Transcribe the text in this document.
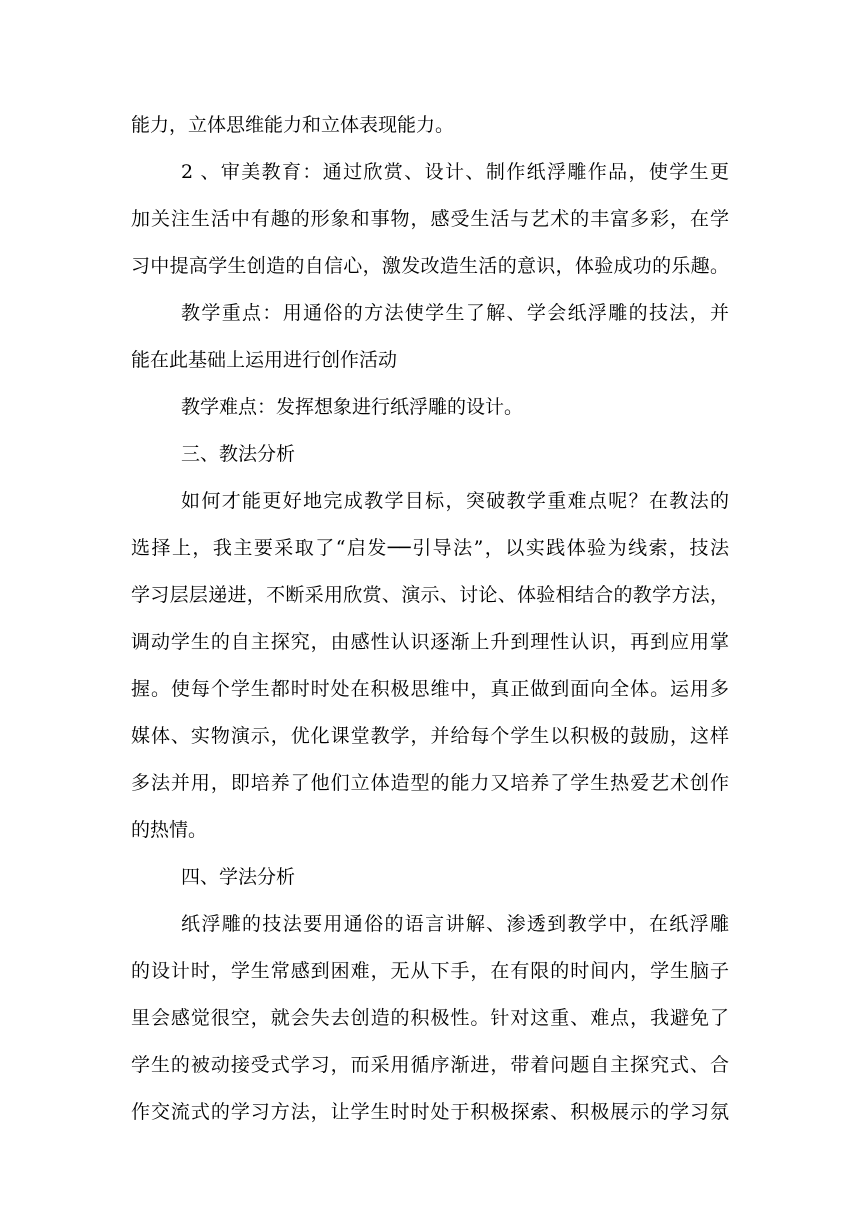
能力，立体思维能力和立体表现能力。
2 、审美教育：通过欣赏、设计、制作纸浮雕作品，使学生更
加关注生活中有趣的形象和事物，感受生活与艺术的丰富多彩，在学
习中提高学生创造的自信心，激发改造生活的意识，体验成功的乐趣。
教学重点：用通俗的方法使学生了解、学会纸浮雕的技法，并
能在此基础上运用进行创作活动
教学难点：发挥想象进行纸浮雕的设计。
三、教法分析
如何才能更好地完成教学目标，突破教学重难点呢？在教法的
选择上，我主要采取了“启发──引导法”，以实践体验为线索，技法
学习层层递进，不断采用欣赏、演示、讨论、体验相结合的教学方法，
调动学生的自主探究，由感性认识逐渐上升到理性认识，再到应用掌
握。使每个学生都时时处在积极思维中，真正做到面向全体。运用多
媒体、实物演示，优化课堂教学，并给每个学生以积极的鼓励，这样
多法并用，即培养了他们立体造型的能力又培养了学生热爱艺术创作
的热情。
四、学法分析
纸浮雕的技法要用通俗的语言讲解、渗透到教学中，在纸浮雕
的设计时，学生常感到困难，无从下手，在有限的时间内，学生脑子
里会感觉很空，就会失去创造的积极性。针对这重、难点，我避免了
学生的被动接受式学习，而采用循序渐进，带着问题自主探究式、合
作交流式的学习方法，让学生时时处于积极探索、积极展示的学习氛
